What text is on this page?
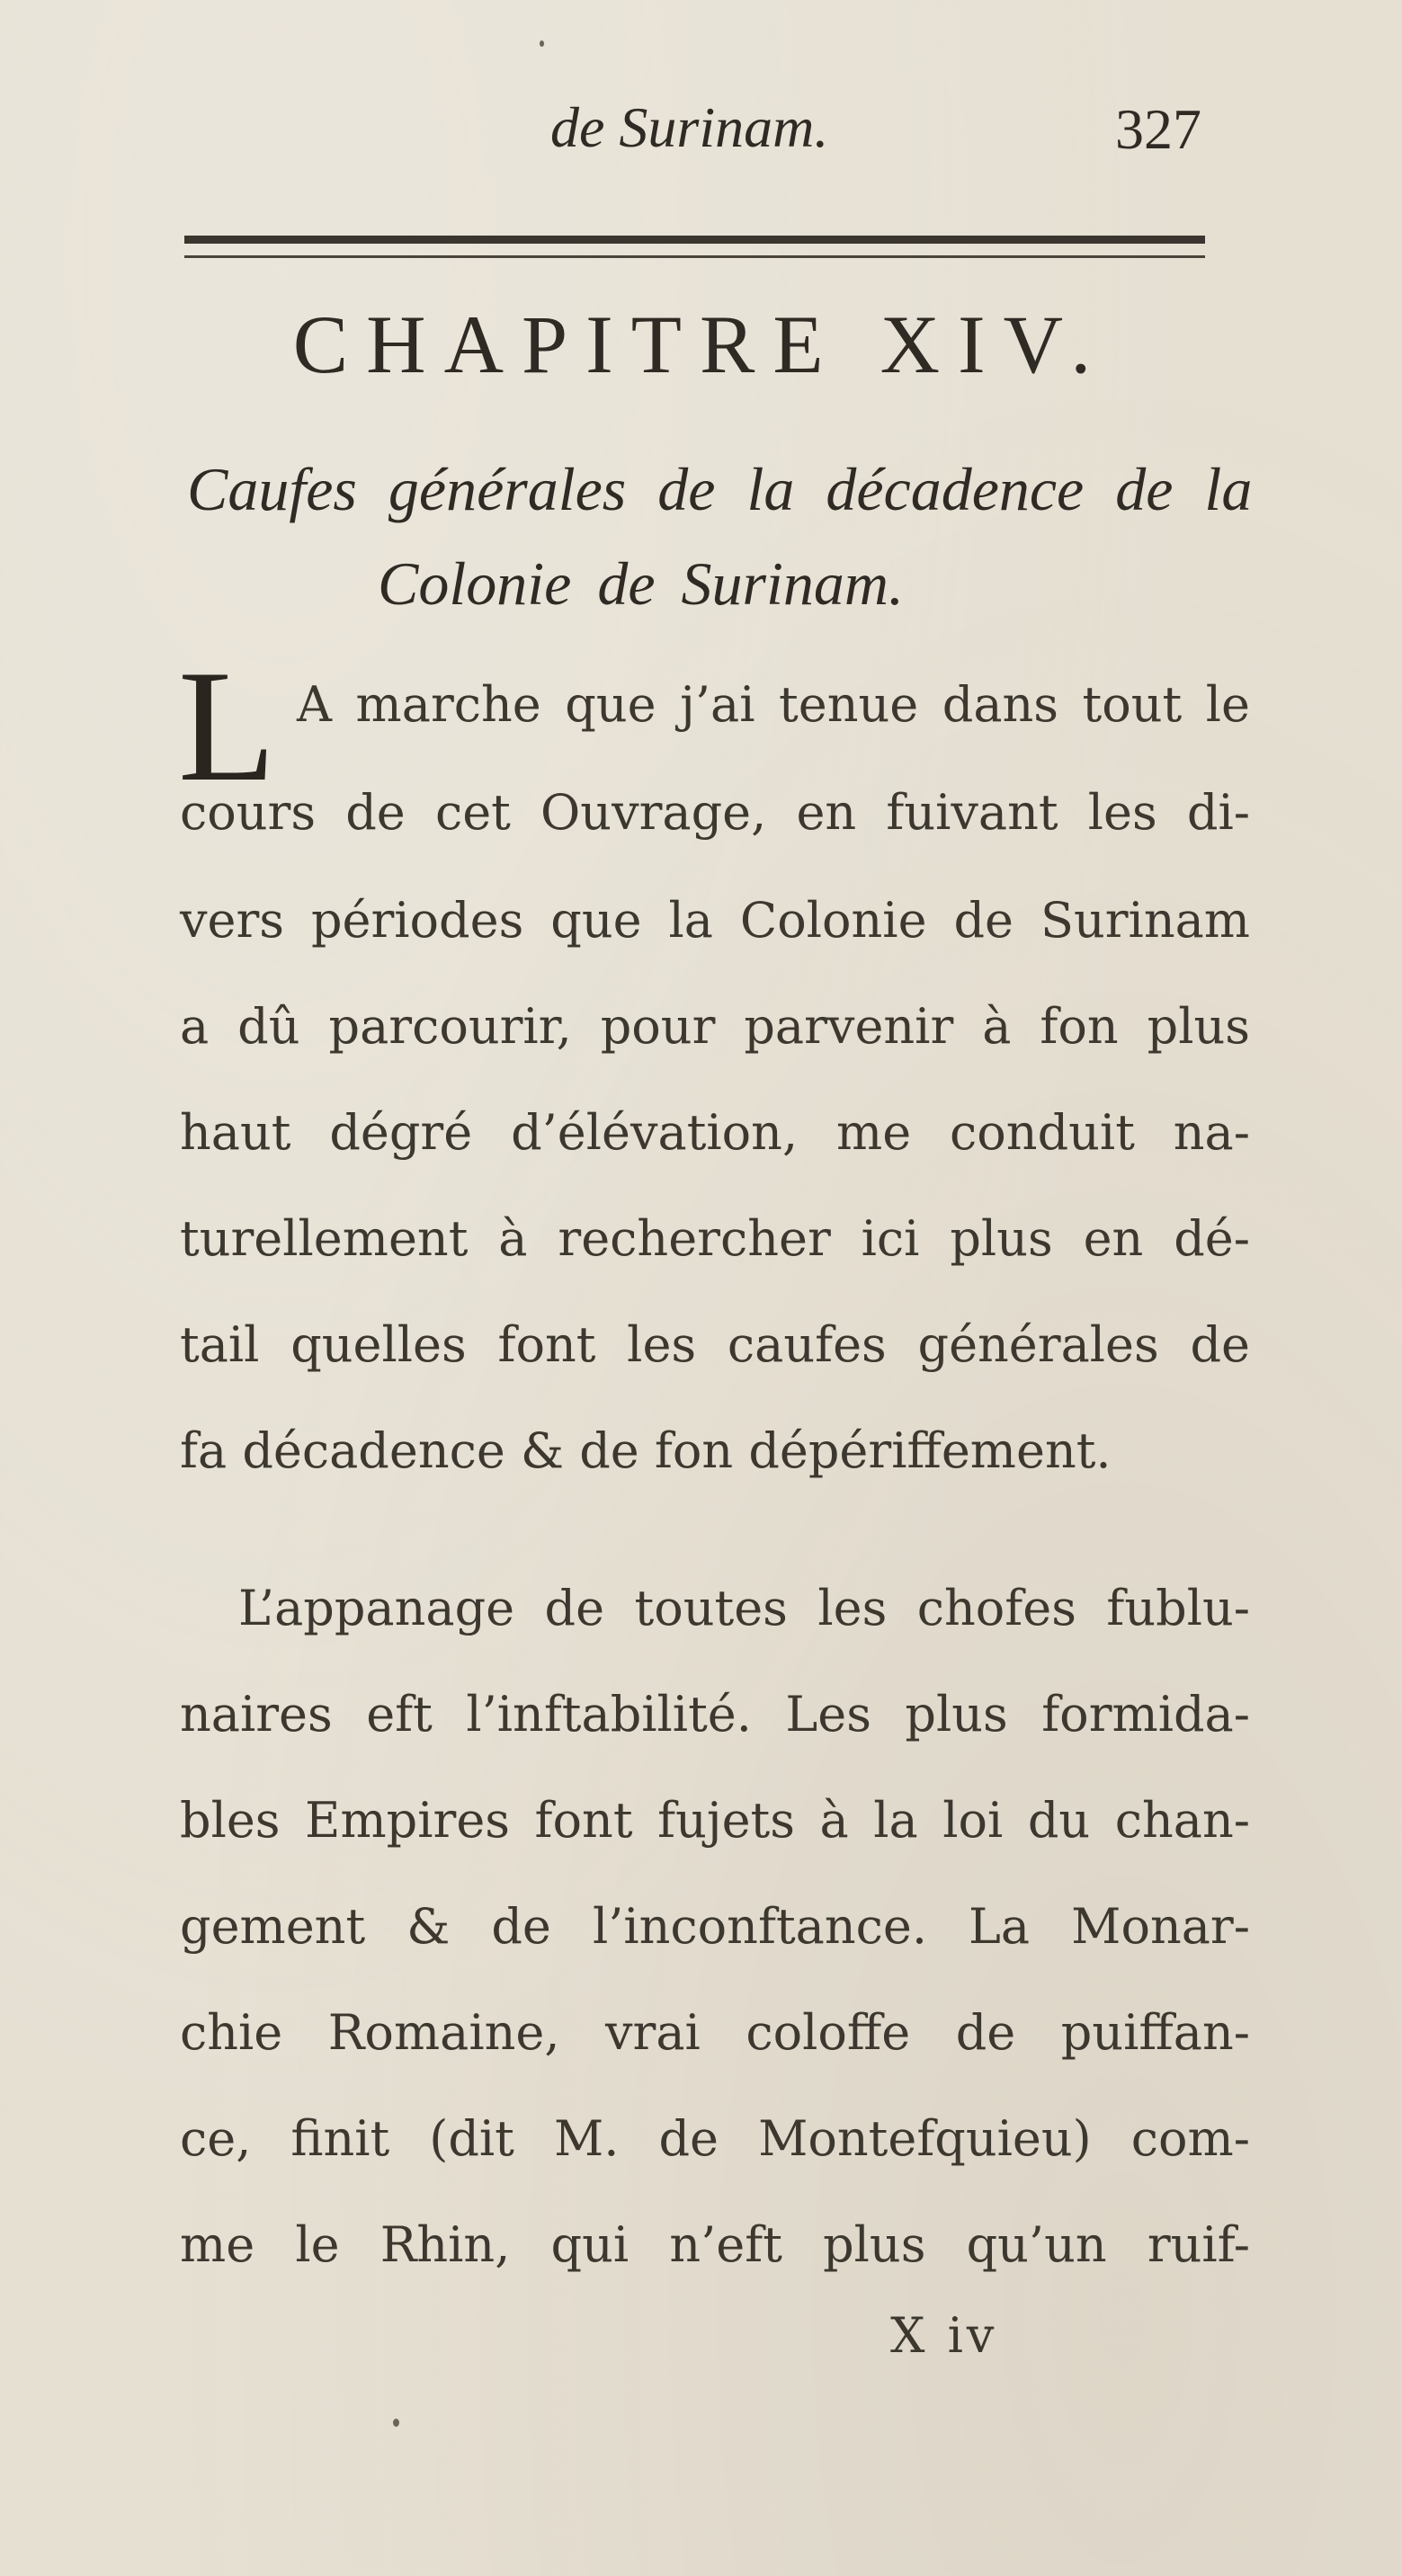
de Surinam.	327
CHAPITRE XIV.
Caufes générales de la décadence de la
Colonie de Surinam.
L A marche que j’ai tenue dans tout le
cours de cet Ouvrage, en fuivant les di-
vers périodes que la Colonie de Surinam
a dû parcourir, pour parvenir à fon plus
haut dégré d’élévation, me conduit na-
turellement à rechercher ici plus en dé-
tail quelles font les caufes générales de
fa décadence & de fon dépériffement.
L’appanage de toutes les chofes fublu-
naires eft l’inftabilité. Les plus formida-
bles Empires font fujets à la loi du chan-
gement & de l’inconftance. La Monar-
chie Romaine, vrai coloffe de puiffan-
ce, finit (dit M. de Montefquieu) com-
me le Rhin, qui n’eft plus qu’un ruif-
X iv
